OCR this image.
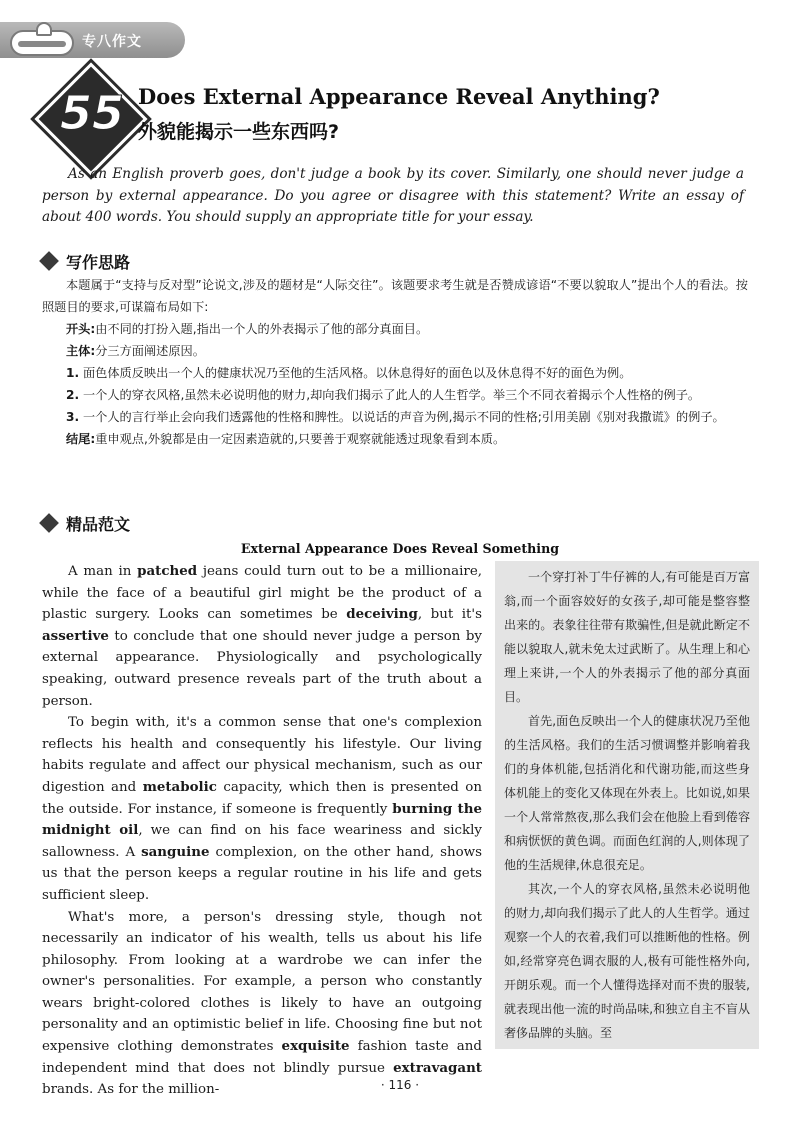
专八作文
55 Does External Appearance Reveal Anything?
外貌能揭示一些东西吗?
As an English proverb goes, don't judge a book by its cover. Similarly, one should never judge a person by external appearance. Do you agree or disagree with this statement? Write an essay of about 400 words. You should supply an appropriate title for your essay.
写作思路

本题属于“支持与反对型”论说文,涉及的题材是“人际交往”。该题要求考生就是否赞成谚语“不要以貌取人”提出个人的看法。按照题目的要求,可谋篇布局如下:

开头:由不同的打扮入题,指出一个人的外表揭示了他的部分真面目。

主体:分三方面阐述原因。

1. 面色体质反映出一个人的健康状况乃至他的生活风格。以休息得好的面色以及休息得不好的面色为例。

2. 一个人的穿衣风格,虽然未必说明他的财力,却向我们揭示了此人的人生哲学。举三个不同衣着揭示个人性格的例子。

3. 一个人的言行举止会向我们透露他的性格和脾性。以说话的声音为例,揭示不同的性格;引用美剧《别对我撒谎》的例子。

结尾:重申观点,外貌都是由一定因素造就的,只要善于观察就能透过现象看到本质。

精品范文
External Appearance Does Reveal Something

A man in patched jeans could turn out to be a millionaire, while the face of a beautiful girl might be the product of a plastic surgery. Looks can sometimes be deceiving, but it's assertive to conclude that one should never judge a person by external appearance. Physiologically and psychologically speaking, outward presence reveals part of the truth about a person.

To begin with, it's a common sense that one's complexion reflects his health and consequently his lifestyle. Our living habits regulate and affect our physical mechanism, such as our digestion and metabolic capacity, which then is presented on the outside. For instance, if someone is frequently burning the midnight oil, we can find on his face weariness and sickly sallowness. A sanguine complexion, on the other hand, shows us that the person keeps a regular routine in his life and gets sufficient sleep.

What's more, a person's dressing style, though not necessarily an indicator of his wealth, tells us about his life philosophy. From looking at a wardrobe we can infer the owner's personalities. For example, a person who constantly wears bright-colored clothes is likely to have an outgoing personality and an optimistic belief in life. Choosing fine but not expensive clothing demonstrates exquisite fashion taste and independent mind that does not blindly pursue extravagant brands. As for the million-

一个穿打补丁牛仔裤的人,有可能是百万富翁,而一个面容姣好的女孩子,却可能是整容整出来的。表象往往带有欺骗性,但是就此断定不能以貌取人,就未免太过武断了。从生理上和心理上来讲,一个人的外表揭示了他的部分真面目。

首先,面色反映出一个人的健康状况乃至他的生活风格。我们的生活习惯调整并影响着我们的身体机能,包括消化和代谢功能,而这些身体机能上的变化又体现在外表上。比如说,如果一个人常常熬夜,那么我们会在他脸上看到倦容和病恹恹的黄色调。而面色红润的人,则体现了他的生活规律,休息很充足。

其次,一个人的穿衣风格,虽然未必说明他的财力,却向我们揭示了此人的人生哲学。通过观察一个人的衣着,我们可以推断他的性格。例如,经常穿亮色调衣服的人,极有可能性格外向,开朗乐观。而一个人懂得选择对而不贵的服装,就表现出他一流的时尚品味,和独立自主不盲从奢侈品牌的头脑。至

· 116 ·
